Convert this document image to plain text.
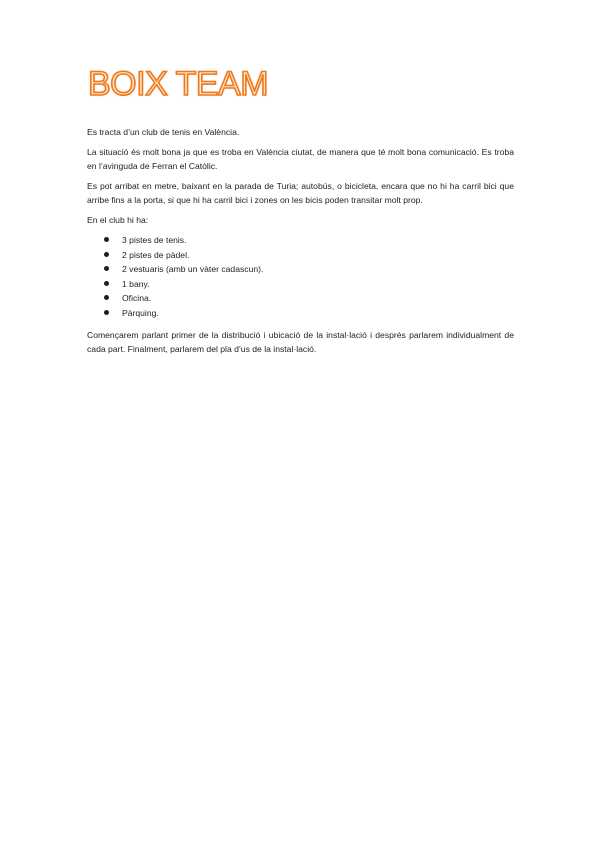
BOIX TEAM

Es tracta d’un club de tenis en València.

La situació és molt bona ja que es troba en València ciutat, de manera que té molt bona comunicació. Es troba en l’avinguda de Ferran el Catòlic.

Es pot arribat en metre, baixant en la parada de Turia; autobús, o bicicleta, encara que no hi ha carril bici que arribe fins a la porta, si que hi ha carril bici i zones on les bicis poden transitar molt prop.

En el club hi ha:

3 pistes de tenis.
2 pistes de pàdel.
2 vestuaris (amb un vàter cadascun).
1 bany.
Oficina.
Pàrquing.

Començarem parlant primer de la distribució i ubicació de la instal·lació i després parlarem individualment de cada part. Finalment, parlarem del pla d’us de la instal·lació.
